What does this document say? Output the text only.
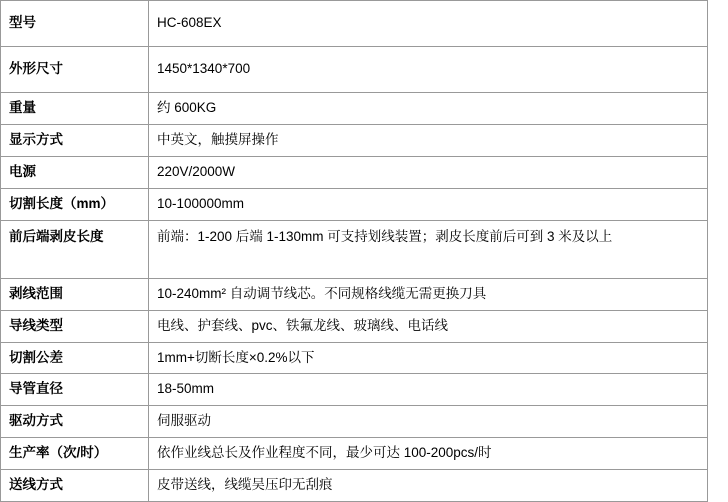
型号	HC-608EX
外形尺寸	1450*1340*700
重量	约 600KG
显示方式	中英文，触摸屏操作
电源	220V/2000W
切割长度（mm）	10-100000mm
前后端剥皮长度	前端：1-200 后端 1-130mm 可支持划线装置；剥皮长度前后可到 3 米及以上
剥线范围	10-240mm² 自动调节线芯。不同规格线缆无需更换刀具
导线类型	电线、护套线、pvc、铁氟龙线、玻璃线、电话线
切割公差	1mm+切断长度×0.2%以下
导管直径	18-50mm
驱动方式	伺服驱动
生产率（次/时）	依作业线总长及作业程度不同，最少可达 100-200pcs/时
送线方式	皮带送线，线缆吴压印无刮痕
